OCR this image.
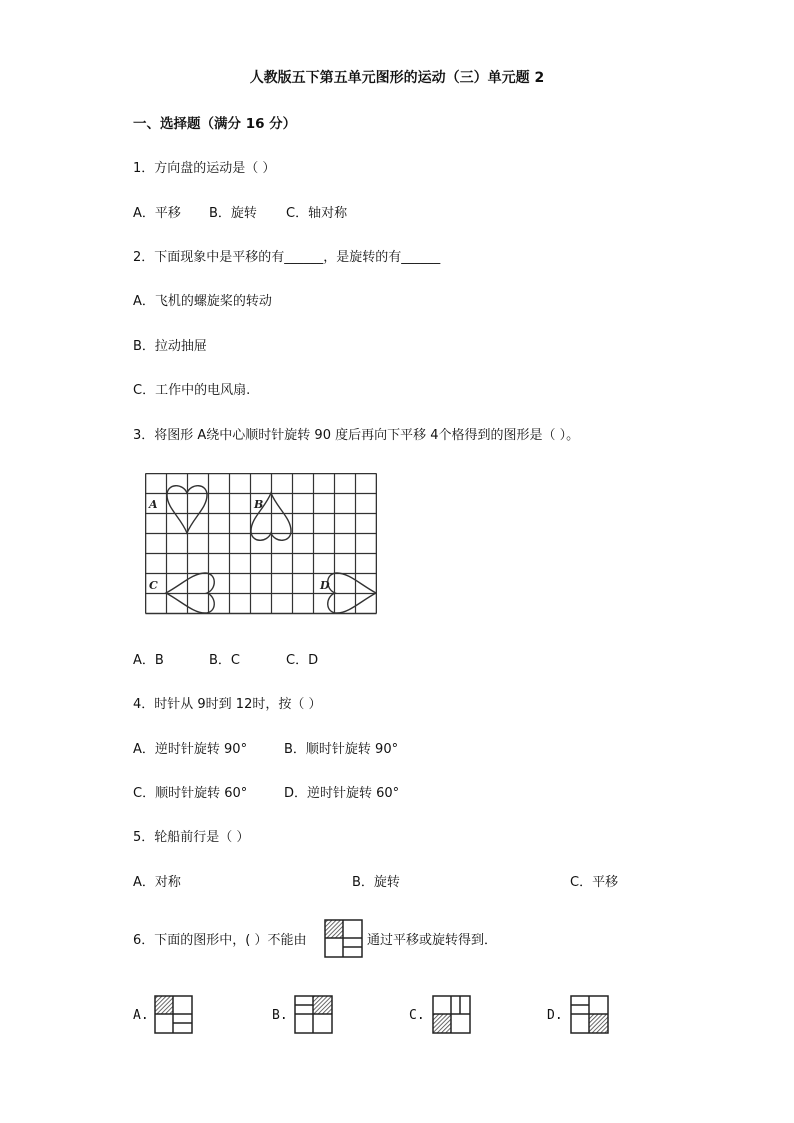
人教版五下第五单元图形的运动（三）单元题 2
一、选择题（满分 16 分）
1．方向盘的运动是（ ）
A．平移 B．旋转 C．轴对称
2．下面现象中是平移的有______，是旋转的有______
A．飞机的螺旋桨的转动
B．拉动抽屉
C．工作中的电风扇.
3．将图形 A绕中心顺时针旋转 90 度后再向下平移 4个格得到的图形是（ ）。
A	B
C	D
A．B	B．C	C．D
4．时针从 9时到 12时，按（ ）
A．逆时针旋转 90°	B．顺时针旋转 90°
C．顺时针旋转 60°	D．逆时针旋转 60°
5．轮船前行是（ ）
A．对称	B．旋转	C．平移
6．下面的图形中，( ）不能由	通过平移或旋转得到．
A.	B.	C.	D.
